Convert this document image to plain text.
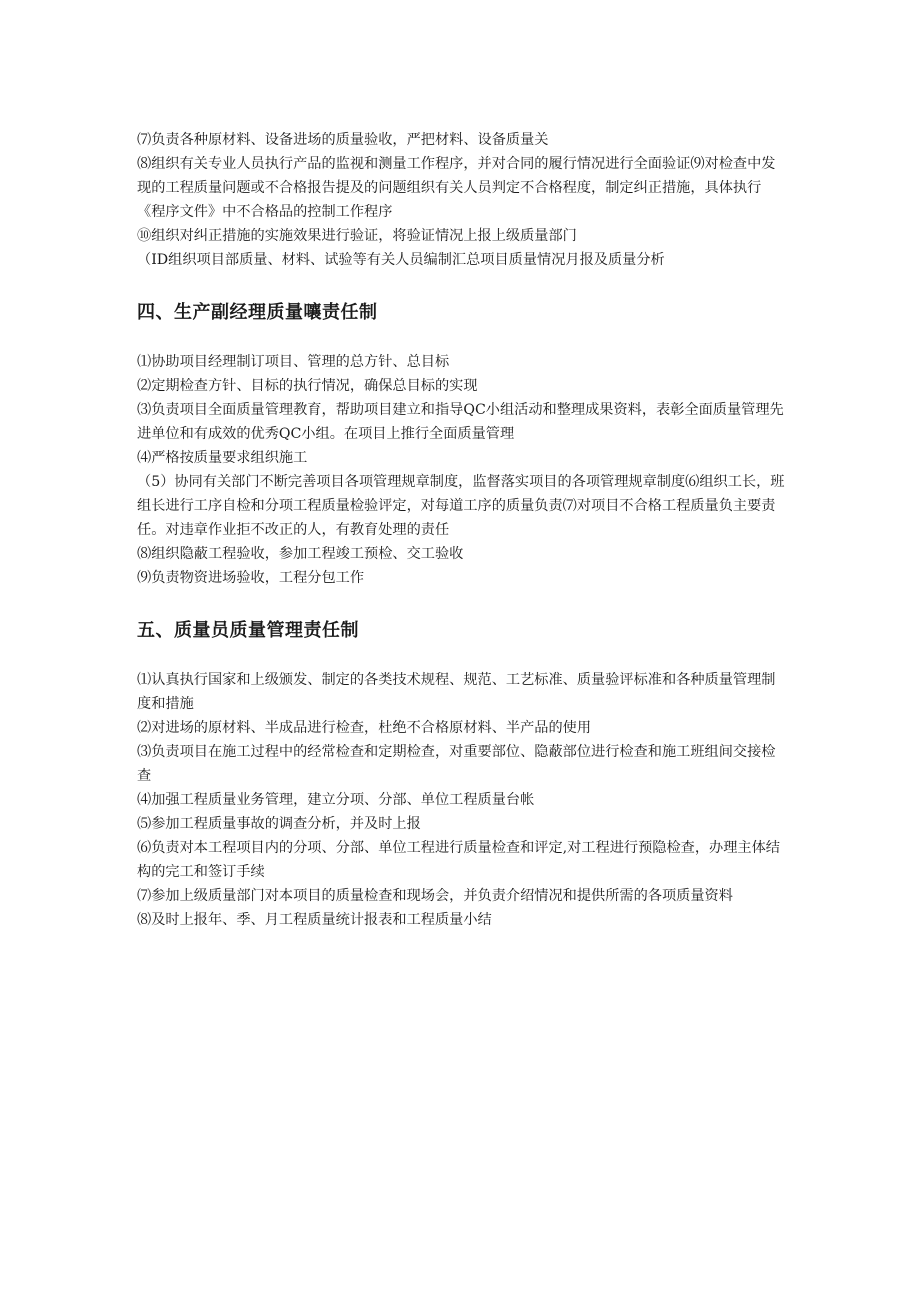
⑺负责各种原材料、设备进场的质量验收，严把材料、设备质量关

⑻组织有关专业人员执行产品的监视和测量工作程序，并对合同的履行情况进行全面验证⑼对检查中发现的工程质量问题或不合格报告提及的问题组织有关人员判定不合格程度，制定纠正措施，具体执行《程序文件》中不合格品的控制工作程序

⑩组织对纠正措施的实施效果进行验证，将验证情况上报上级质量部门

（ID组织项目部质量、材料、试验等有关人员编制汇总项目质量情况月报及质量分析

四、生产副经理质量嚷责任制

⑴协助项目经理制订项目、管理的总方针、总目标

⑵定期检查方针、目标的执行情况，确保总目标的实现

⑶负责项目全面质量管理教育，帮助项目建立和指导QC小组活动和整理成果资料，表彰全面质量管理先进单位和有成效的优秀QC小组。在项目上推行全面质量管理

⑷严格按质量要求组织施工

（5）协同有关部门不断完善项目各项管理规章制度，监督落实项目的各项管理规章制度⑹组织工长，班组长进行工序自检和分项工程质量检验评定，对每道工序的质量负责⑺对项目不合格工程质量负主要责任。对违章作业拒不改正的人，有教育处理的责任

⑻组织隐蔽工程验收，参加工程竣工预检、交工验收

⑼负责物资进场验收，工程分包工作

五、质量员质量管理责任制

⑴认真执行国家和上级颁发、制定的各类技术规程、规范、工艺标准、质量验评标准和各种质量管理制度和措施

⑵对进场的原材料、半成品进行检查，杜绝不合格原材料、半产品的使用

⑶负责项目在施工过程中的经常检查和定期检查，对重要部位、隐蔽部位进行检查和施工班组间交接检查

⑷加强工程质量业务管理，建立分项、分部、单位工程质量台帐

⑸参加工程质量事故的调查分析，并及时上报

⑹负责对本工程项目内的分项、分部、单位工程进行质量检查和评定,对工程进行预隐检查，办理主体结构的完工和签订手续

⑺参加上级质量部门对本项目的质量检查和现场会，并负责介绍情况和提供所需的各项质量资料

⑻及时上报年、季、月工程质量统计报表和工程质量小结
